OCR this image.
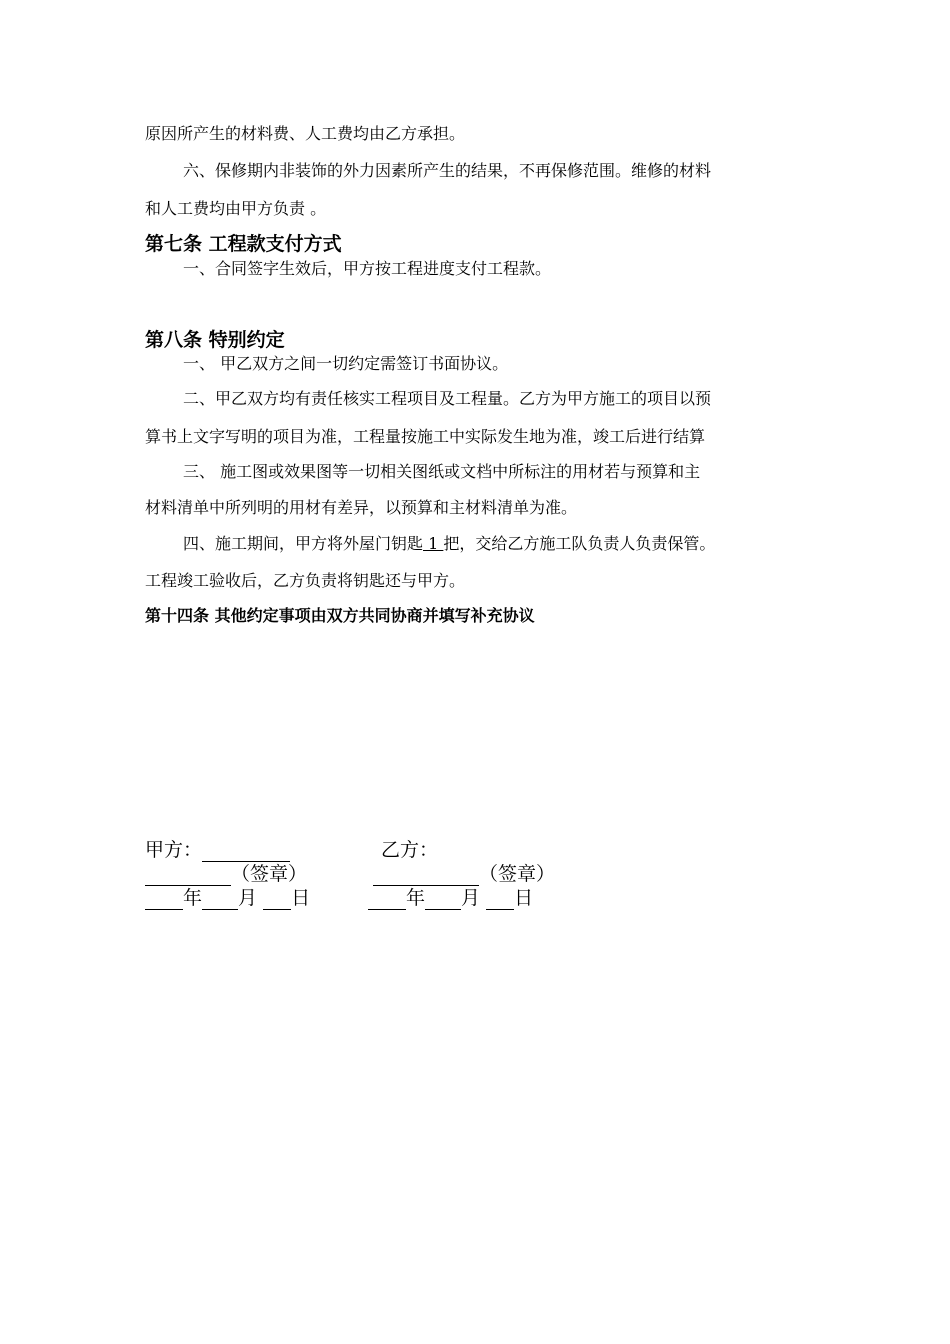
原因所产生的材料费、人工费均由乙方承担。
六、保修期内非装饰的外力因素所产生的结果，不再保修范围。维修的材料
和人工费均由甲方负责 。
第七条 工程款支付方式
一、合同签字生效后，甲方按工程进度支付工程款。
第八条 特别约定
一、 甲乙双方之间一切约定需签订书面协议。
二、甲乙双方均有责任核实工程项目及工程量。乙方为甲方施工的项目以预
算书上文字写明的项目为准，工程量按施工中实际发生地为准，竣工后进行结算
三、 施工图或效果图等一切相关图纸或文档中所标注的用材若与预算和主
材料清单中所列明的用材有差异，以预算和主材料清单为准。
四、施工期间，甲方将外屋门钥匙 1 把，交给乙方施工队负责人负责保管。
工程竣工验收后，乙方负责将钥匙还与甲方。
第十四条 其他约定事项由双方共同协商并填写补充协议
甲方：	乙方：
（签章）	（签章）
年 月 日	年 月 日
